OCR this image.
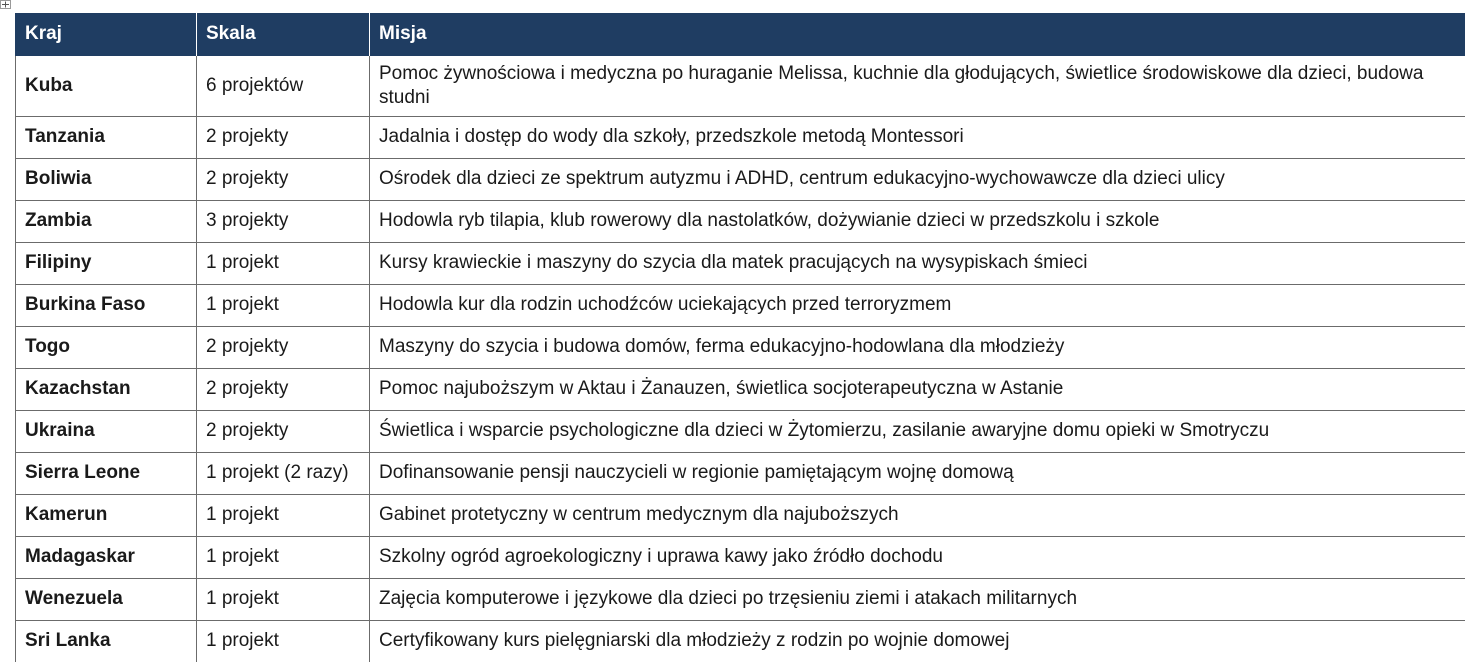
Kraj	Skala	Misja
Kuba	6 projektów	Pomoc żywnościowa i medyczna po huraganie Melissa, kuchnie dla głodujących, świetlice środowiskowe dla dzieci, budowa studni
Tanzania	2 projekty	Jadalnia i dostęp do wody dla szkoły, przedszkole metodą Montessori
Boliwia	2 projekty	Ośrodek dla dzieci ze spektrum autyzmu i ADHD, centrum edukacyjno-wychowawcze dla dzieci ulicy
Zambia	3 projekty	Hodowla ryb tilapia, klub rowerowy dla nastolatków, dożywianie dzieci w przedszkolu i szkole
Filipiny	1 projekt	Kursy krawieckie i maszyny do szycia dla matek pracujących na wysypiskach śmieci
Burkina Faso	1 projekt	Hodowla kur dla rodzin uchodźców uciekających przed terroryzmem
Togo	2 projekty	Maszyny do szycia i budowa domów, ferma edukacyjno-hodowlana dla młodzieży
Kazachstan	2 projekty	Pomoc najuboższym w Aktau i Żanauzen, świetlica socjoterapeutyczna w Astanie
Ukraina	2 projekty	Świetlica i wsparcie psychologiczne dla dzieci w Żytomierzu, zasilanie awaryjne domu opieki w Smotryczu
Sierra Leone	1 projekt (2 razy)	Dofinansowanie pensji nauczycieli w regionie pamiętającym wojnę domową
Kamerun	1 projekt	Gabinet protetyczny w centrum medycznym dla najuboższych
Madagaskar	1 projekt	Szkolny ogród agroekologiczny i uprawa kawy jako źródło dochodu
Wenezuela	1 projekt	Zajęcia komputerowe i językowe dla dzieci po trzęsieniu ziemi i atakach militarnych
Sri Lanka	1 projekt	Certyfikowany kurs pielęgniarski dla młodzieży z rodzin po wojnie domowej
